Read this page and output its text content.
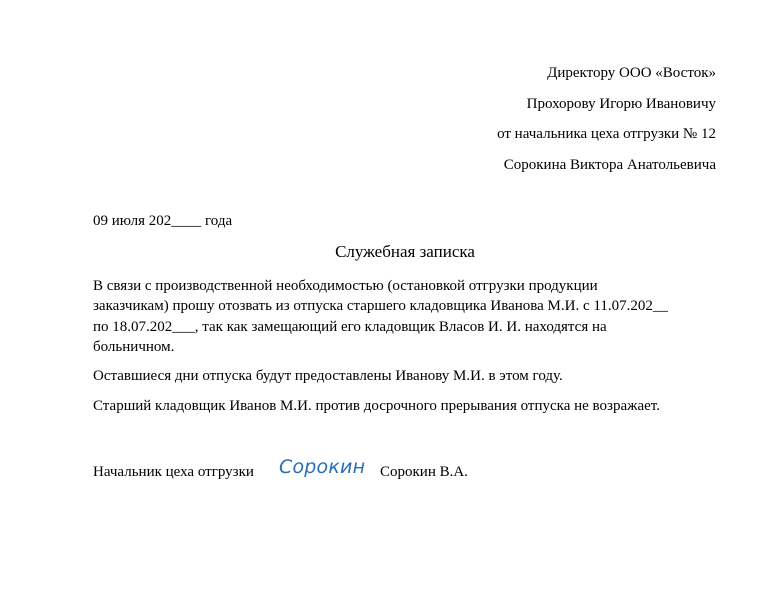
Директору ООО «Восток»
Прохорову Игорю Ивановичу
от начальника цеха отгрузки № 12
Сорокина Виктора Анатольевича
09 июля 202____ года
Служебная записка

В связи с производственной необходимостью (остановкой отгрузки продукции
заказчикам) прошу отозвать из отпуска старшего кладовщика Иванова М.И. с 11.07.202__
по 18.07.202___, так как замещающий его кладовщик Власов И. И. находятся на
больничном.

Оставшиеся дни отпуска будут предоставлены Иванову М.И. в этом году.

Старший кладовщик Иванов М.И. против досрочного прерывания отпуска не возражает.

Начальник цеха отгрузки Сорокин Сорокин В.А.
